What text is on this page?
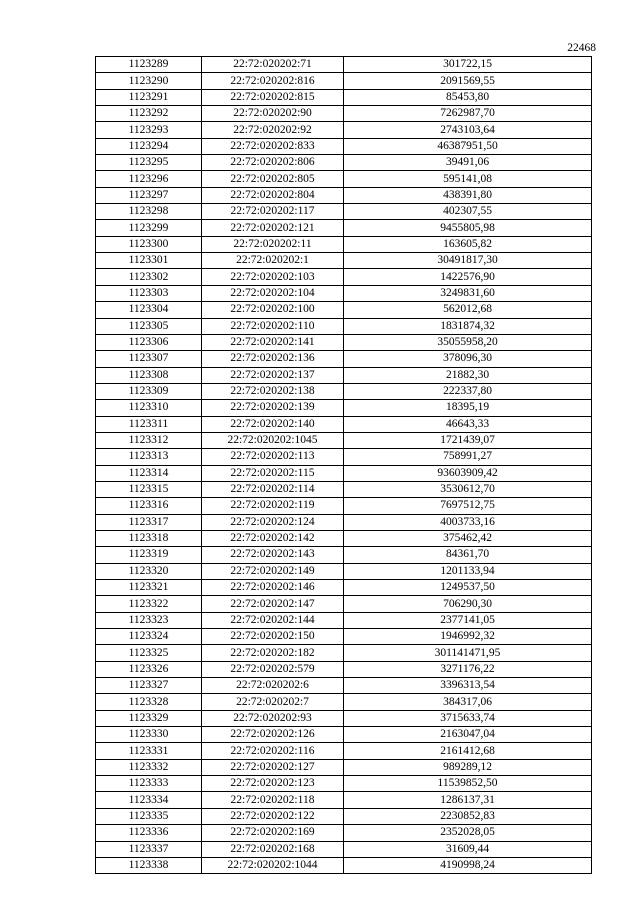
22468
1123289	22:72:020202:71	301722,15
1123290	22:72:020202:816	2091569,55
1123291	22:72:020202:815	85453,80
1123292	22:72:020202:90	7262987,70
1123293	22:72:020202:92	2743103,64
1123294	22:72:020202:833	46387951,50
1123295	22:72:020202:806	39491,06
1123296	22:72:020202:805	595141,08
1123297	22:72:020202:804	438391,80
1123298	22:72:020202:117	402307,55
1123299	22:72:020202:121	9455805,98
1123300	22:72:020202:11	163605,82
1123301	22:72:020202:1	30491817,30
1123302	22:72:020202:103	1422576,90
1123303	22:72:020202:104	3249831,60
1123304	22:72:020202:100	562012,68
1123305	22:72:020202:110	1831874,32
1123306	22:72:020202:141	35055958,20
1123307	22:72:020202:136	378096,30
1123308	22:72:020202:137	21882,30
1123309	22:72:020202:138	222337,80
1123310	22:72:020202:139	18395,19
1123311	22:72:020202:140	46643,33
1123312	22:72:020202:1045	1721439,07
1123313	22:72:020202:113	758991,27
1123314	22:72:020202:115	93603909,42
1123315	22:72:020202:114	3530612,70
1123316	22:72:020202:119	7697512,75
1123317	22:72:020202:124	4003733,16
1123318	22:72:020202:142	375462,42
1123319	22:72:020202:143	84361,70
1123320	22:72:020202:149	1201133,94
1123321	22:72:020202:146	1249537,50
1123322	22:72:020202:147	706290,30
1123323	22:72:020202:144	2377141,05
1123324	22:72:020202:150	1946992,32
1123325	22:72:020202:182	301141471,95
1123326	22:72:020202:579	3271176,22
1123327	22:72:020202:6	3396313,54
1123328	22:72:020202:7	384317,06
1123329	22:72:020202:93	3715633,74
1123330	22:72:020202:126	2163047,04
1123331	22:72:020202:116	2161412,68
1123332	22:72:020202:127	989289,12
1123333	22:72:020202:123	11539852,50
1123334	22:72:020202:118	1286137,31
1123335	22:72:020202:122	2230852,83
1123336	22:72:020202:169	2352028,05
1123337	22:72:020202:168	31609,44
1123338	22:72:020202:1044	4190998,24
